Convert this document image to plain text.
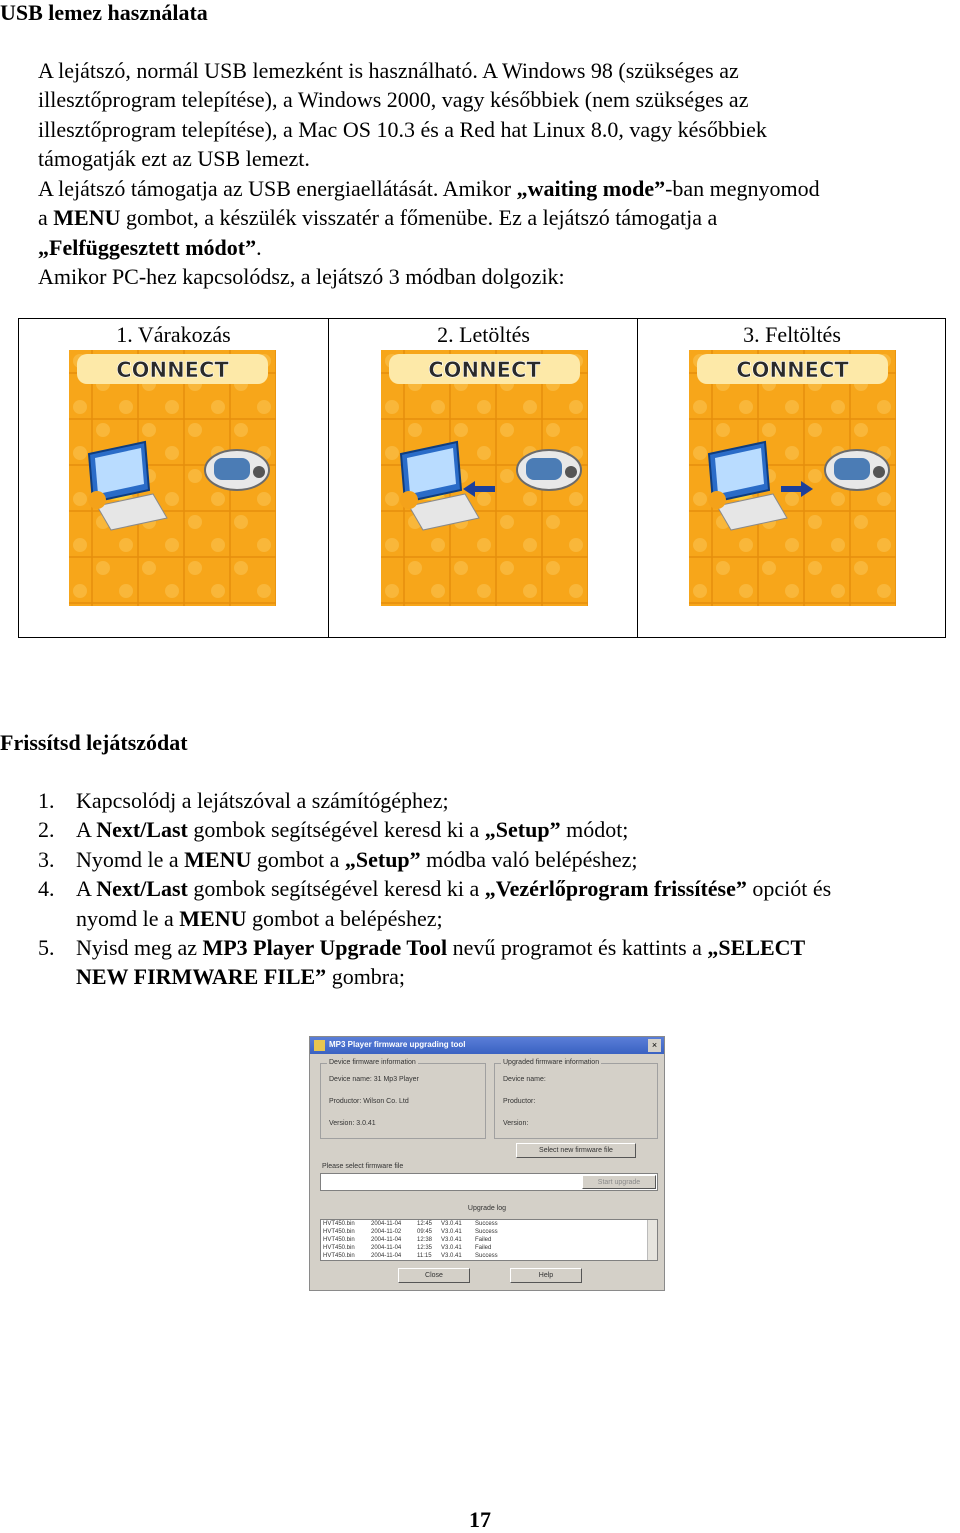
USB lemez használata
A lejátszó, normál USB lemezként is használható. A Windows 98 (szükséges az
illesztőprogram telepítése), a Windows 2000, vagy későbbiek (nem szükséges az
illesztőprogram telepítése), a Mac OS 10.3 és a Red hat Linux 8.0, vagy későbbiek
támogatják ezt az USB lemezt.
A lejátszó támogatja az USB energiaellátását. Amikor „waiting mode”-ban megnyomod
a MENU gombot, a készülék visszatér a főmenübe. Ez a lejátszó támogatja a
„Felfüggesztett módot”.
Amikor PC-hez kapcsolódsz, a lejátszó 3 módban dolgozik:
1. Várakozás
CONNECT
2. Letöltés
CONNECT
3. Feltöltés
CONNECT
Frissítsd lejátszódat
1. Kapcsolódj a lejátszóval a számítógéphez;
2. A Next/Last gombok segítségével keresd ki a „Setup” módot;
3. Nyomd le a MENU gombot a „Setup” módba való belépéshez;
4. A Next/Last gombok segítségével keresd ki a „Vezérlőprogram frissítése” opciót és
nyomd le a MENU gombot a belépéshez;
5. Nyisd meg az MP3 Player Upgrade Tool nevű programot és kattints a „SELECT
NEW FIRMWARE FILE” gombra;
MP3 Player firmware upgrading tool	×
Device firmware information
Device name: 31 Mp3 Player
Productor: Wilson Co. Ltd
Version: 3.0.41
Upgraded firmware information
Device name:
Productor:
Version:
Select new firmware file
Please select firmware file
Start upgrade
Upgrade log
HVT450.bin	2004-11-04	12:45 V3.0.41 Success
HVT450.bin	2004-11-02	09:45 V3.0.41 Success
HVT450.bin	2004-11-04	12:38 V3.0.41 Failed
HVT450.bin	2004-11-04	12:35 V3.0.41 Failed
HVT450.bin	2004-11-04	11:15 V3.0.41 Success
Close	Help
17
